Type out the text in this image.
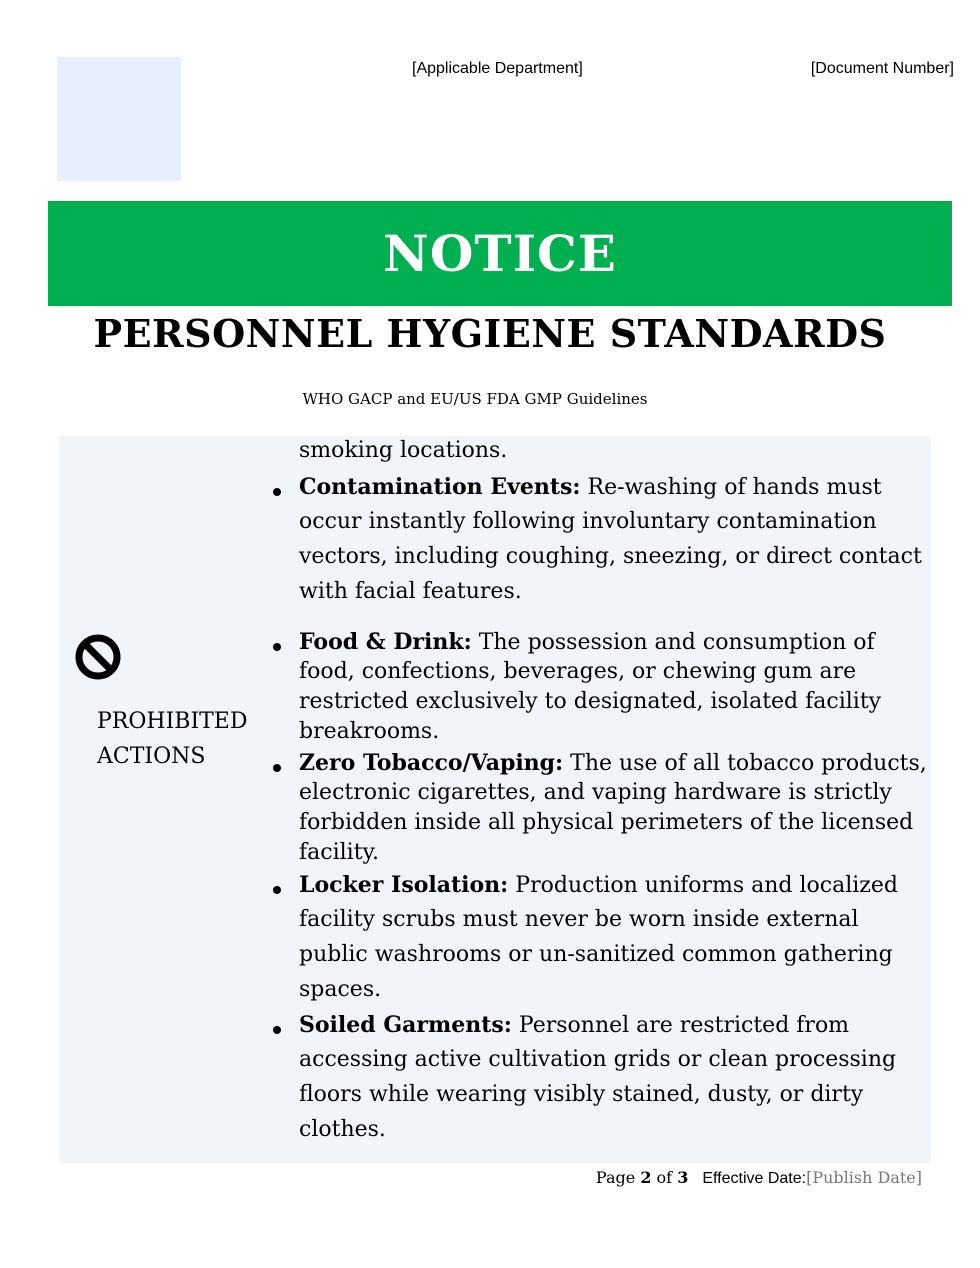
[Applicable Department]	[Document Number]
NOTICE
PERSONNEL HYGIENE STANDARDS
WHO GACP and EU/US FDA GMP Guidelines
PROHIBITED
ACTIONS
smoking locations.
Contamination Events: Re-washing of hands must
occur instantly following involuntary contamination
vectors, including coughing, sneezing, or direct contact
with facial features.
Food & Drink: The possession and consumption of
food, confections, beverages, or chewing gum are
restricted exclusively to designated, isolated facility
breakrooms.
Zero Tobacco/Vaping: The use of all tobacco products,
electronic cigarettes, and vaping hardware is strictly
forbidden inside all physical perimeters of the licensed
facility.
Locker Isolation: Production uniforms and localized
facility scrubs must never be worn inside external
public washrooms or un-sanitized common gathering
spaces.
Soiled Garments: Personnel are restricted from
accessing active cultivation grids or clean processing
floors while wearing visibly stained, dusty, or dirty
clothes.
Page 2 of 3 Effective Date:[Publish Date]
